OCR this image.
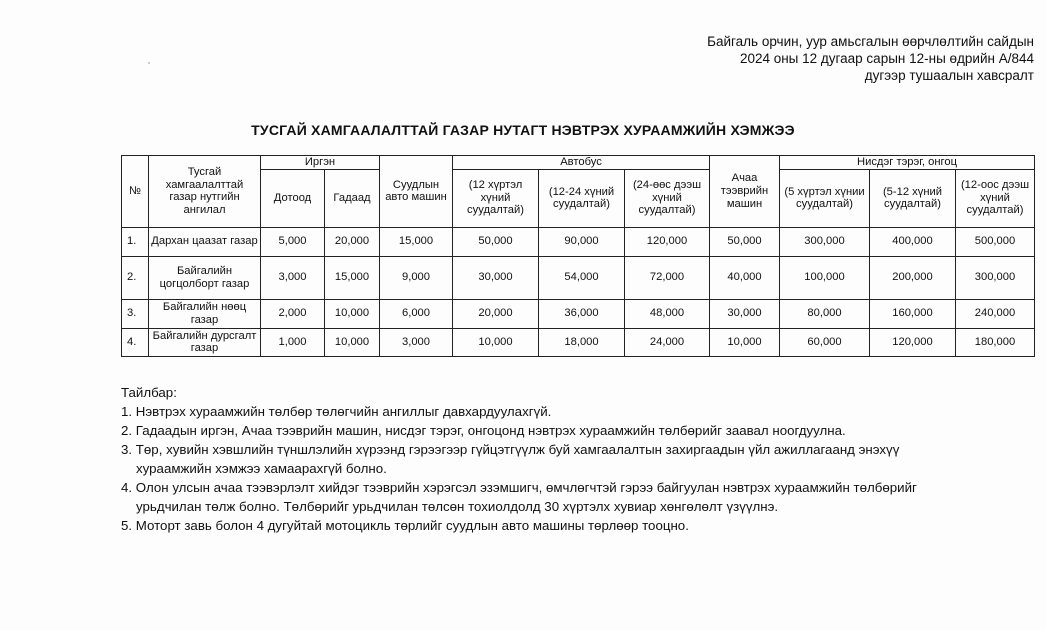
Байгаль орчин, уур амьсгалын өөрчлөлтийн сайдын
2024 оны 12 дугаар сарын 12-ны өдрийн А/844
дугээр тушаалын хавсралт
ТУСГАЙ ХАМГААЛАЛТТАЙ ГАЗАР НУТАГТ НЭВТРЭХ ХУРААМЖИЙН ХЭМЖЭЭ
№	Тусгай хамгаалалттай газар нутгийн ангилал	Иргэн		Суудлын авто машин	Автобус			Ачаа тээврийн машин	Нисдэг тэрэг, онгоц		
		Дотоод	Гадаад		(12 хүртэл хүний суудалтай)	(12-24 хүний суудалтай)	(24-өөс дээш хүний суудалтай)		(5 хүртэл хүнии суудалтай)	(5-12 хүний суудалтай)	(12-оос дээш хүний суудалтай)
1.	Дархан цаазат газар	5,000	20,000	15,000	50,000	90,000	120,000	50,000	300,000	400,000	500,000
2.	Байгалийн цогцолборт газар	3,000	15,000	9,000	30,000	54,000	72,000	40,000	100,000	200,000	300,000
3.	Байгалийн нөөц газар	2,000	10,000	6,000	20,000	36,000	48,000	30,000	80,000	160,000	240,000
4.	Байгалийн дурсгалт газар	1,000	10,000	3,000	10,000	18,000	24,000	10,000	60,000	120,000	180,000
Тайлбар:
1. Нэвтрэх хураамжийн төлбөр төлөгчийн ангиллыг давхардуулахгүй.
2. Гадаадын иргэн, Ачаа тээврийн машин, нисдэг тэрэг, онгоцонд нэвтрэх хураамжийн төлбөрийг заавал ноогдуулна.
3. Төр, хувийн хэвшлийн түншлэлийн хүрээнд гэрээгээр гүйцэтгүүлж буй хамгаалалтын захиргаадын үйл ажиллагаанд энэхүү
хураамжийн хэмжээ хамаарахгүй болно.
4. Олон улсын ачаа тээвэрлэлт хийдэг тээврийн хэрэгсэл эзэмшигч, өмчлөгчтэй гэрээ байгуулан нэвтрэх хураамжийн төлбөрийг
урьдчилан төлж болно. Төлбөрийг урьдчилан төлсөн тохиолдолд 30 хүртэлх хувиар хөнгөлөлт үзүүлнэ.
5. Моторт завь болон 4 дугуйтай мотоцикль төрлийг суудлын авто машины төрлөөр тооцно.
